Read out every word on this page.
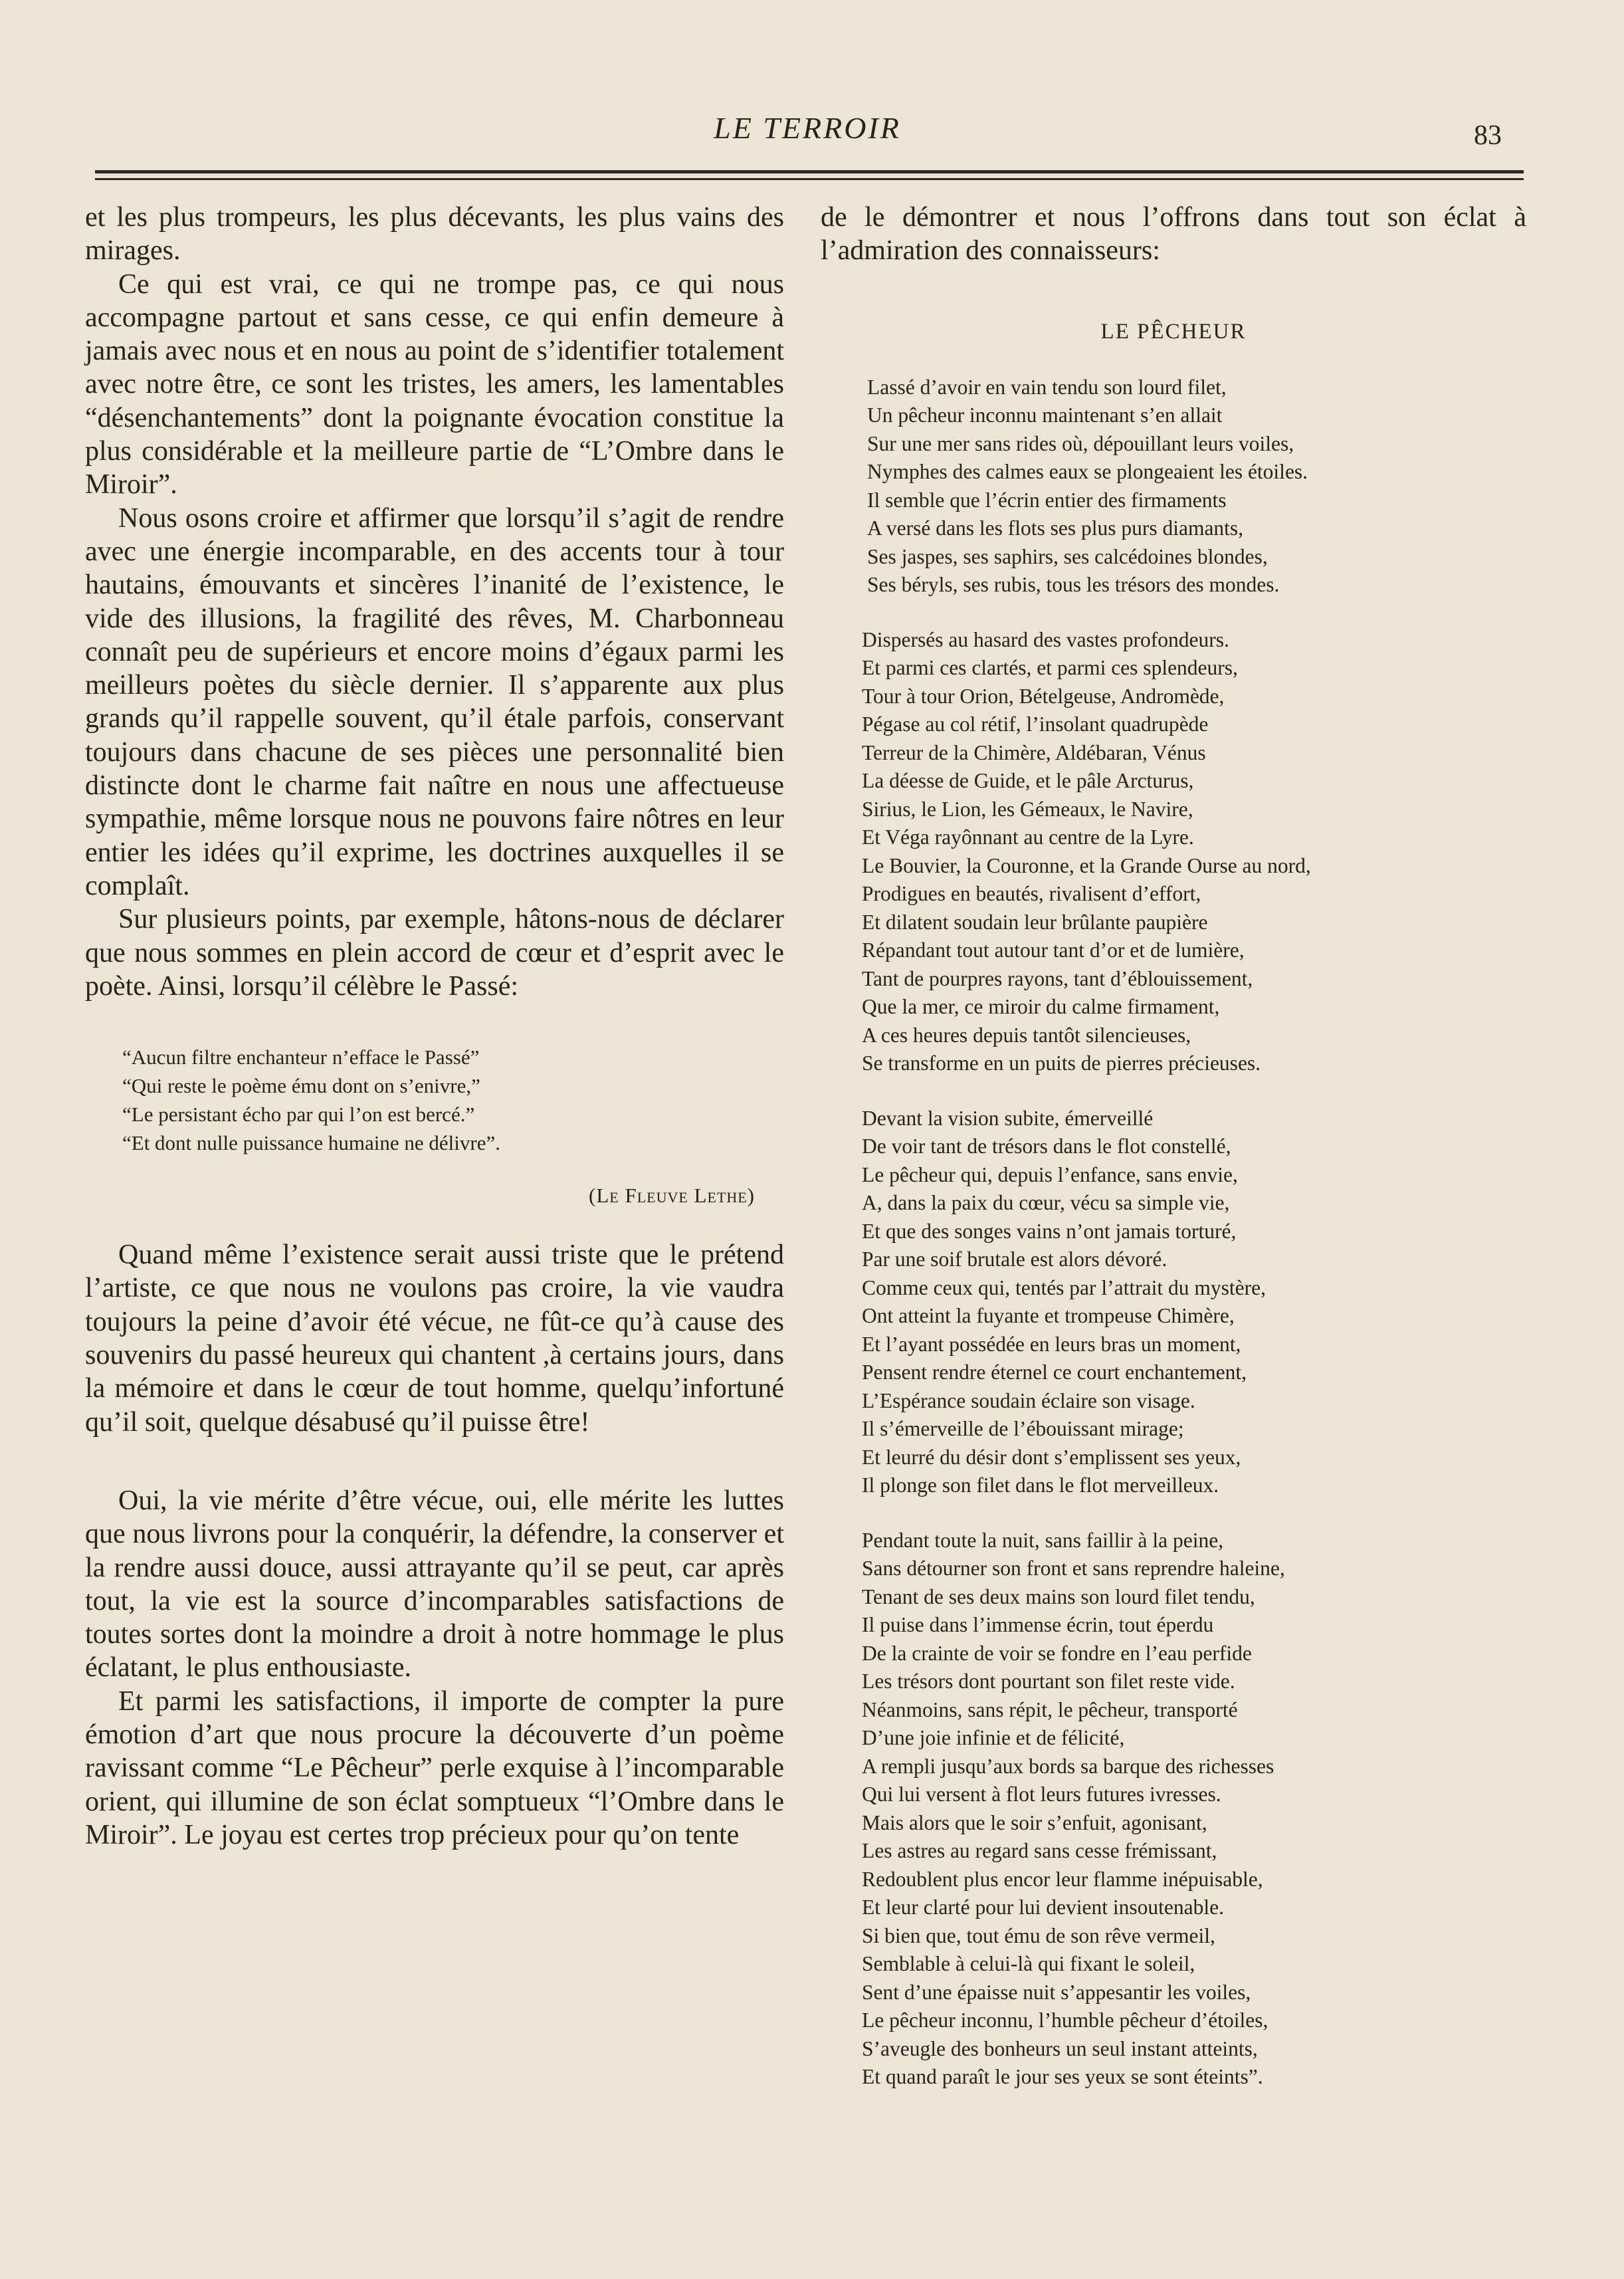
LE TERROIR	83

et les plus trompeurs, les plus décevants, les plus vains des mirages.

Ce qui est vrai, ce qui ne trompe pas, ce qui nous accompagne partout et sans cesse, ce qui enfin demeure à jamais avec nous et en nous au point de s’identifier totalement avec notre être, ce sont les tristes, les amers, les lamentables “désenchantements” dont la poignante évocation constitue la plus considérable et la meilleure partie de “L’Ombre dans le Miroir”.

Nous osons croire et affirmer que lorsqu’il s’agit de rendre avec une énergie incomparable, en des accents tour à tour hautains, émouvants et sincères l’inanité de l’existence, le vide des illusions, la fragilité des rêves, M. Charbonneau connaît peu de supérieurs et encore moins d’égaux parmi les meilleurs poètes du siècle dernier. Il s’apparente aux plus grands qu’il rappelle souvent, qu’il étale parfois, conservant toujours dans chacune de ses pièces une personnalité bien distincte dont le charme fait naître en nous une affectueuse sympathie, même lorsque nous ne pouvons faire nôtres en leur entier les idées qu’il exprime, les doctrines auxquelles il se complaît.

Sur plusieurs points, par exemple, hâtons-nous de déclarer que nous sommes en plein accord de cœur et d’esprit avec le poète. Ainsi, lorsqu’il célèbre le Passé:

“Aucun filtre enchanteur n’efface le Passé”
“Qui reste le poème ému dont on s’enivre,”
“Le persistant écho par qui l’on est bercé.”
“Et dont nulle puissance humaine ne délivre”.
(Le Fleuve Lethe)

Quand même l’existence serait aussi triste que le prétend l’artiste, ce que nous ne voulons pas croire, la vie vaudra toujours la peine d’avoir été vécue, ne fût-ce qu’à cause des souvenirs du passé heureux qui chantent ,à certains jours, dans la mémoire et dans le cœur de tout homme, quelqu’infortuné qu’il soit, quelque désabusé qu’il puisse être!

Oui, la vie mérite d’être vécue, oui, elle mérite les luttes que nous livrons pour la conquérir, la défendre, la conserver et la rendre aussi douce, aussi attrayante qu’il se peut, car après tout, la vie est la source d’incomparables satisfactions de toutes sortes dont la moindre a droit à notre hommage le plus éclatant, le plus enthousiaste.

Et parmi les satisfactions, il importe de compter la pure émotion d’art que nous procure la découverte d’un poème ravissant comme “Le Pêcheur” perle exquise à l’incomparable orient, qui illumine de son éclat somptueux “l’Ombre dans le Miroir”. Le joyau est certes trop précieux pour qu’on tente

de le démontrer et nous l’offrons dans tout son éclat à l’admiration des connaisseurs:

LE PÊCHEUR
Lassé d’avoir en vain tendu son lourd filet,
Un pêcheur inconnu maintenant s’en allait
Sur une mer sans rides où, dépouillant leurs voiles,
Nymphes des calmes eaux se plongeaient les étoiles.
Il semble que l’écrin entier des firmaments
A versé dans les flots ses plus purs diamants,
Ses jaspes, ses saphirs, ses calcédoines blondes,
Ses béryls, ses rubis, tous les trésors des mondes.
Dispersés au hasard des vastes profondeurs.
Et parmi ces clartés, et parmi ces splendeurs,
Tour à tour Orion, Bételgeuse, Andromède,
Pégase au col rétif, l’insolant quadrupède
Terreur de la Chimère, Aldébaran, Vénus
La déesse de Guide, et le pâle Arcturus,
Sirius, le Lion, les Gémeaux, le Navire,
Et Véga rayônnant au centre de la Lyre.
Le Bouvier, la Couronne, et la Grande Ourse au nord,
Prodigues en beautés, rivalisent d’effort,
Et dilatent soudain leur brûlante paupière
Répandant tout autour tant d’or et de lumière,
Tant de pourpres rayons, tant d’éblouissement,
Que la mer, ce miroir du calme firmament,
A ces heures depuis tantôt silencieuses,
Se transforme en un puits de pierres précieuses.
Devant la vision subite, émerveillé
De voir tant de trésors dans le flot constellé,
Le pêcheur qui, depuis l’enfance, sans envie,
A, dans la paix du cœur, vécu sa simple vie,
Et que des songes vains n’ont jamais torturé,
Par une soif brutale est alors dévoré.
Comme ceux qui, tentés par l’attrait du mystère,
Ont atteint la fuyante et trompeuse Chimère,
Et l’ayant possédée en leurs bras un moment,
Pensent rendre éternel ce court enchantement,
L’Espérance soudain éclaire son visage.
Il s’émerveille de l’ébouissant mirage;
Et leurré du désir dont s’emplissent ses yeux,
Il plonge son filet dans le flot merveilleux.
Pendant toute la nuit, sans faillir à la peine,
Sans détourner son front et sans reprendre haleine,
Tenant de ses deux mains son lourd filet tendu,
Il puise dans l’immense écrin, tout éperdu
De la crainte de voir se fondre en l’eau perfide
Les trésors dont pourtant son filet reste vide.
Néanmoins, sans répit, le pêcheur, transporté
D’une joie infinie et de félicité,
A rempli jusqu’aux bords sa barque des richesses
Qui lui versent à flot leurs futures ivresses.
Mais alors que le soir s’enfuit, agonisant,
Les astres au regard sans cesse frémissant,
Redoublent plus encor leur flamme inépuisable,
Et leur clarté pour lui devient insoutenable.
Si bien que, tout ému de son rêve vermeil,
Semblable à celui-là qui fixant le soleil,
Sent d’une épaisse nuit s’appesantir les voiles,
Le pêcheur inconnu, l’humble pêcheur d’étoiles,
S’aveugle des bonheurs un seul instant atteints,
Et quand paraît le jour ses yeux se sont éteints”.
